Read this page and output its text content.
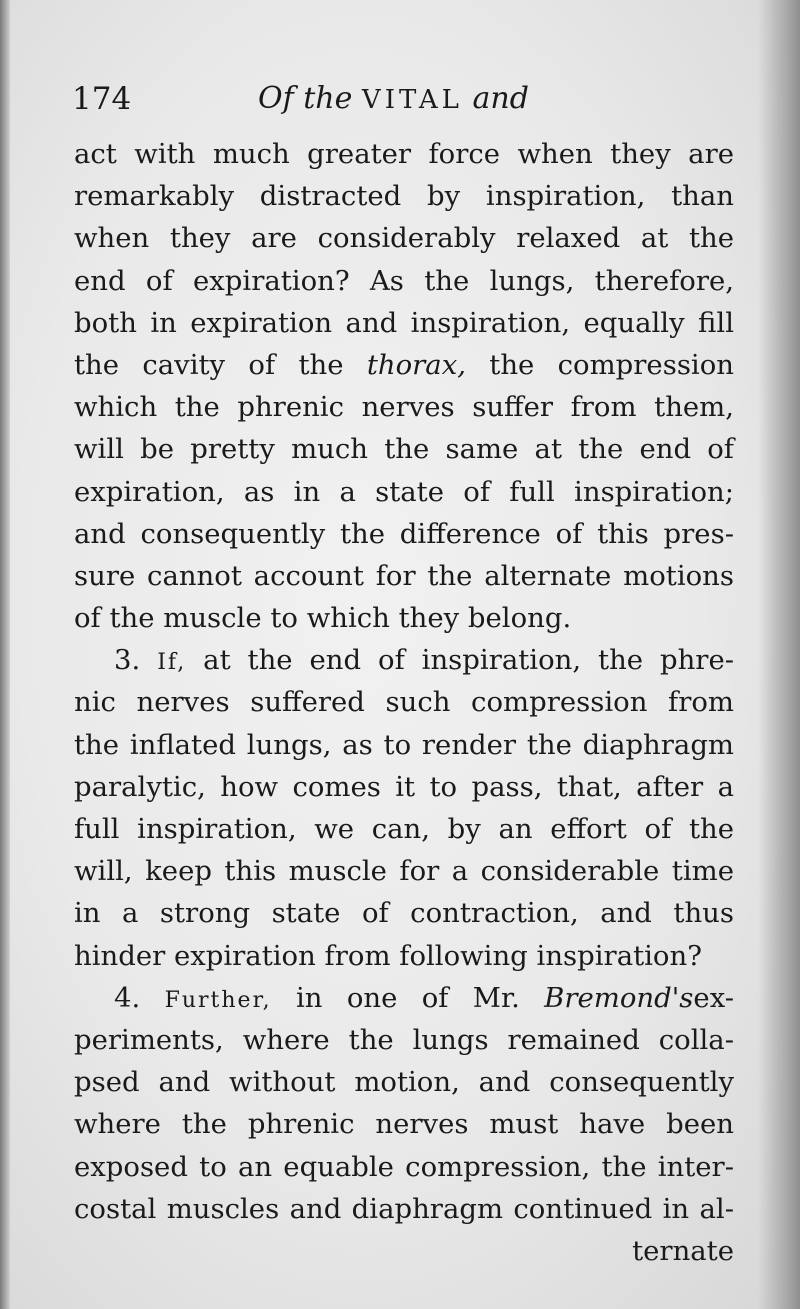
174	Of the VITAL and
act with much greater force when they are
remarkably distracted by inspiration, than
when they are considerably relaxed at the
end of expiration? As the lungs, therefore,
both in expiration and inspiration, equally fill
the cavity of the thorax, the compression
which the phrenic nerves suffer from them,
will be pretty much the same at the end of
expiration, as in a state of full inspiration;
and consequently the difference of this pres-
sure cannot account for the alternate motions
of the muscle to which they belong.
3. If, at the end of inspiration, the phre-
nic nerves suffered such compression from
the inflated lungs, as to render the diaphragm
paralytic, how comes it to pass, that, after a
full inspiration, we can, by an effort of the
will, keep this muscle for a considerable time
in a strong state of contraction, and thus
hinder expiration from following inspiration?
4. Further, in one of Mr. Bremond'sex-
periments, where the lungs remained colla-
psed and without motion, and consequently
where the phrenic nerves must have been
exposed to an equable compression, the inter-
costal muscles and diaphragm continued in al-
ternate
